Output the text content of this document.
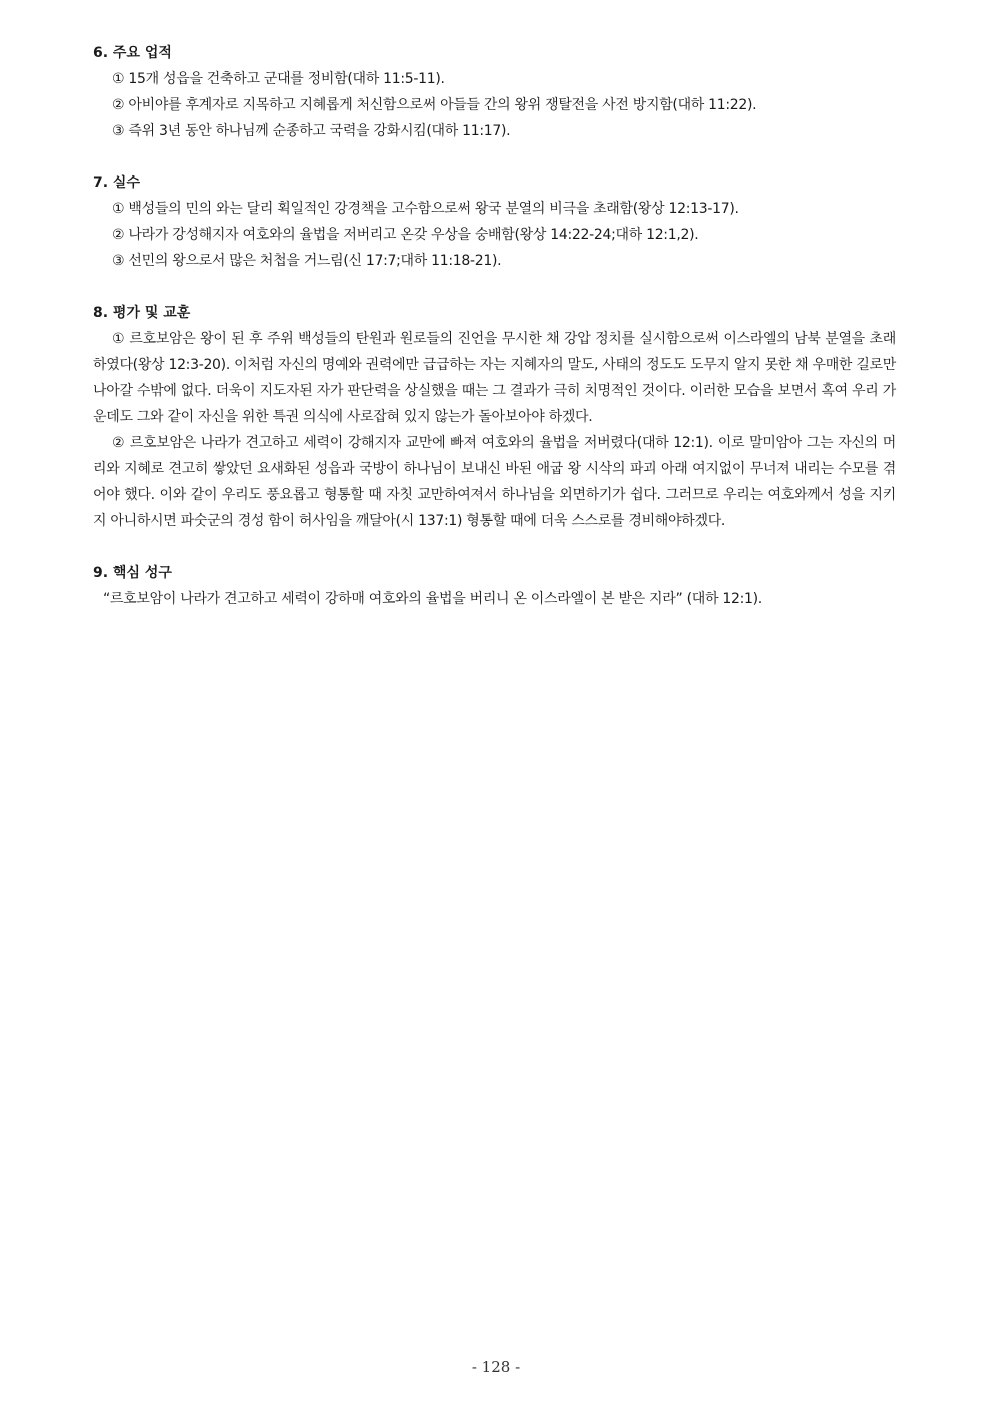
6. 주요 업적

① 15개 성읍을 건축하고 군대를 정비함(대하 11:5-11).

② 아비야를 후계자로 지목하고 지혜롭게 처신함으로써 아들들 간의 왕위 쟁탈전을 사전 방지함(대하 11:22).

③ 즉위 3년 동안 하나님께 순종하고 국력을 강화시킴(대하 11:17).

7. 실수

① 백성들의 민의 와는 달리 획일적인 강경책을 고수함으로써 왕국 분열의 비극을 초래함(왕상 12:13-17).

② 나라가 강성해지자 여호와의 율법을 저버리고 온갖 우상을 숭배함(왕상 14:22-24;대하 12:1,2).

③ 선민의 왕으로서 많은 처첩을 거느림(신 17:7;대하 11:18-21).

8. 평가 및 교훈

① 르호보암은 왕이 된 후 주위 백성들의 탄원과 원로들의 진언을 무시한 채 강압 정치를 실시함으로써 이스라엘의 남북 분열을 초래하였다(왕상 12:3-20). 이처럼 자신의 명예와 권력에만 급급하는 자는 지혜자의 말도, 사태의 정도도 도무지 알지 못한 채 우매한 길로만 나아갈 수밖에 없다. 더욱이 지도자된 자가 판단력을 상실했을 때는 그 결과가 극히 치명적인 것이다. 이러한 모습을 보면서 혹여 우리 가운데도 그와 같이 자신을 위한 특권 의식에 사로잡혀 있지 않는가 돌아보아야 하겠다.

② 르호보암은 나라가 견고하고 세력이 강해지자 교만에 빠져 여호와의 율법을 저버렸다(대하 12:1). 이로 말미암아 그는 자신의 머리와 지혜로 견고히 쌓았던 요새화된 성읍과 국방이 하나님이 보내신 바된 애굽 왕 시삭의 파괴 아래 여지없이 무너져 내리는 수모를 겪어야 했다. 이와 같이 우리도 풍요롭고 형통할 때 자칫 교만하여져서 하나님을 외면하기가 쉽다. 그러므로 우리는 여호와께서 성을 지키지 아니하시면 파숫군의 경성 함이 허사임을 깨달아(시 137:1) 형통할 때에 더욱 스스로를 경비해야하겠다.

9. 핵심 성구

“르호보암이 나라가 견고하고 세력이 강하매 여호와의 율법을 버리니 온 이스라엘이 본 받은 지라” (대하 12:1).

- 128 -
